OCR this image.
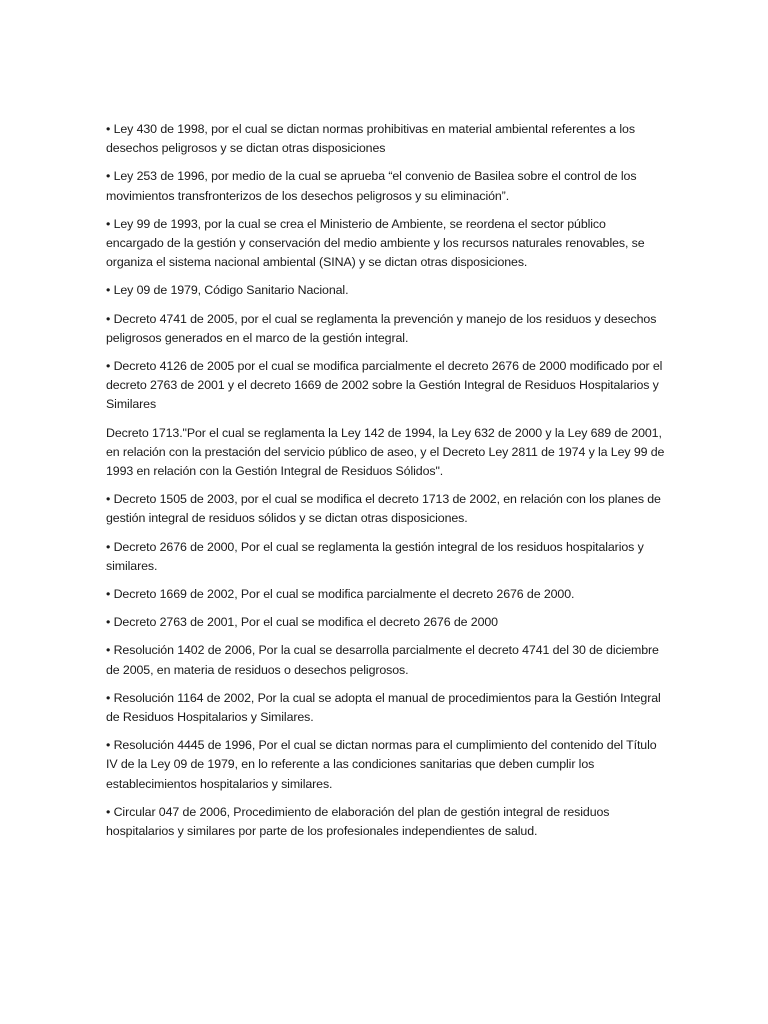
• Ley 430 de 1998, por el cual se dictan normas prohibitivas en material ambiental referentes a los desechos peligrosos y se dictan otras disposiciones

• Ley 253 de 1996, por medio de la cual se aprueba “el convenio de Basilea sobre el control de los movimientos transfronterizos de los desechos peligrosos y su eliminación”.

• Ley 99 de 1993, por la cual se crea el Ministerio de Ambiente, se reordena el sector público encargado de la gestión y conservación del medio ambiente y los recursos naturales renovables, se organiza el sistema nacional ambiental (SINA) y se dictan otras disposiciones.

• Ley 09 de 1979, Código Sanitario Nacional.

• Decreto 4741 de 2005, por el cual se reglamenta la prevención y manejo de los residuos y desechos peligrosos generados en el marco de la gestión integral.

• Decreto 4126 de 2005 por el cual se modifica parcialmente el decreto 2676 de 2000 modificado por el decreto 2763 de 2001 y el decreto 1669 de 2002 sobre la Gestión Integral de Residuos Hospitalarios y Similares

Decreto 1713."Por el cual se reglamenta la Ley 142 de 1994, la Ley 632 de 2000 y la Ley 689 de 2001, en relación con la prestación del servicio público de aseo, y el Decreto Ley 2811 de 1974 y la Ley 99 de 1993 en relación con la Gestión Integral de Residuos Sólidos".

• Decreto 1505 de 2003, por el cual se modifica el decreto 1713 de 2002, en relación con los planes de gestión integral de residuos sólidos y se dictan otras disposiciones.

• Decreto 2676 de 2000, Por el cual se reglamenta la gestión integral de los residuos hospitalarios y similares.

• Decreto 1669 de 2002, Por el cual se modifica parcialmente el decreto 2676 de 2000.

• Decreto 2763 de 2001, Por el cual se modifica el decreto 2676 de 2000

• Resolución 1402 de 2006, Por la cual se desarrolla parcialmente el decreto 4741 del 30 de diciembre de 2005, en materia de residuos o desechos peligrosos.

• Resolución 1164 de 2002, Por la cual se adopta el manual de procedimientos para la Gestión Integral de Residuos Hospitalarios y Similares.

• Resolución 4445 de 1996, Por el cual se dictan normas para el cumplimiento del contenido del Título IV de la Ley 09 de 1979, en lo referente a las condiciones sanitarias que deben cumplir los establecimientos hospitalarios y similares.

• Circular 047 de 2006, Procedimiento de elaboración del plan de gestión integral de residuos hospitalarios y similares por parte de los profesionales independientes de salud.
